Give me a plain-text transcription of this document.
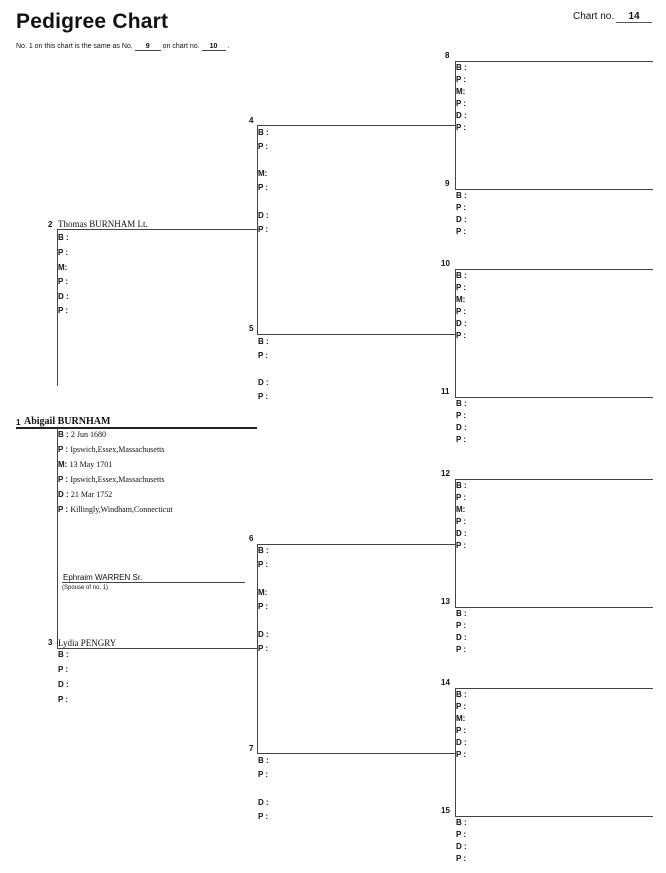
Pedigree Chart	Chart no.	14
No. 1 on this chart is the same as No. 9 on chart no. 10 .
1 Abigail BURNHAM
B : 2 Jun 1680
P : Ipswich,Essex,Massachusetts
M: 13 May 1701
P : Ipswich,Essex,Massachusetts
D : 21 Mar 1752
P : Killingly,Windham,Connecticut
Ephraim WARREN Sr.
(Spouse of no. 1)
2 Thomas BURNHAM Lt.
B :
P :
M:
P :
D :
P :
3 Lydia PENGRY
B :
P :
D :
P :
4
B :
P :
M:
P :
D :
P :
5
B :
P :
D :
P :
6
B :
P :
M:
P :
D :
P :
7
B :
P :
D :
P :
8
B :
P :
M:
P :
D :
P :
9
B :
P :
D :
P :
10
B :
P :
M:
P :
D :
P :
11
B :
P :
D :
P :
12
B :
P :
M:
P :
D :
P :
13
B :
P :
D :
P :
14
B :
P :
M:
P :
D :
P :
15
B :
P :
D :
P :
